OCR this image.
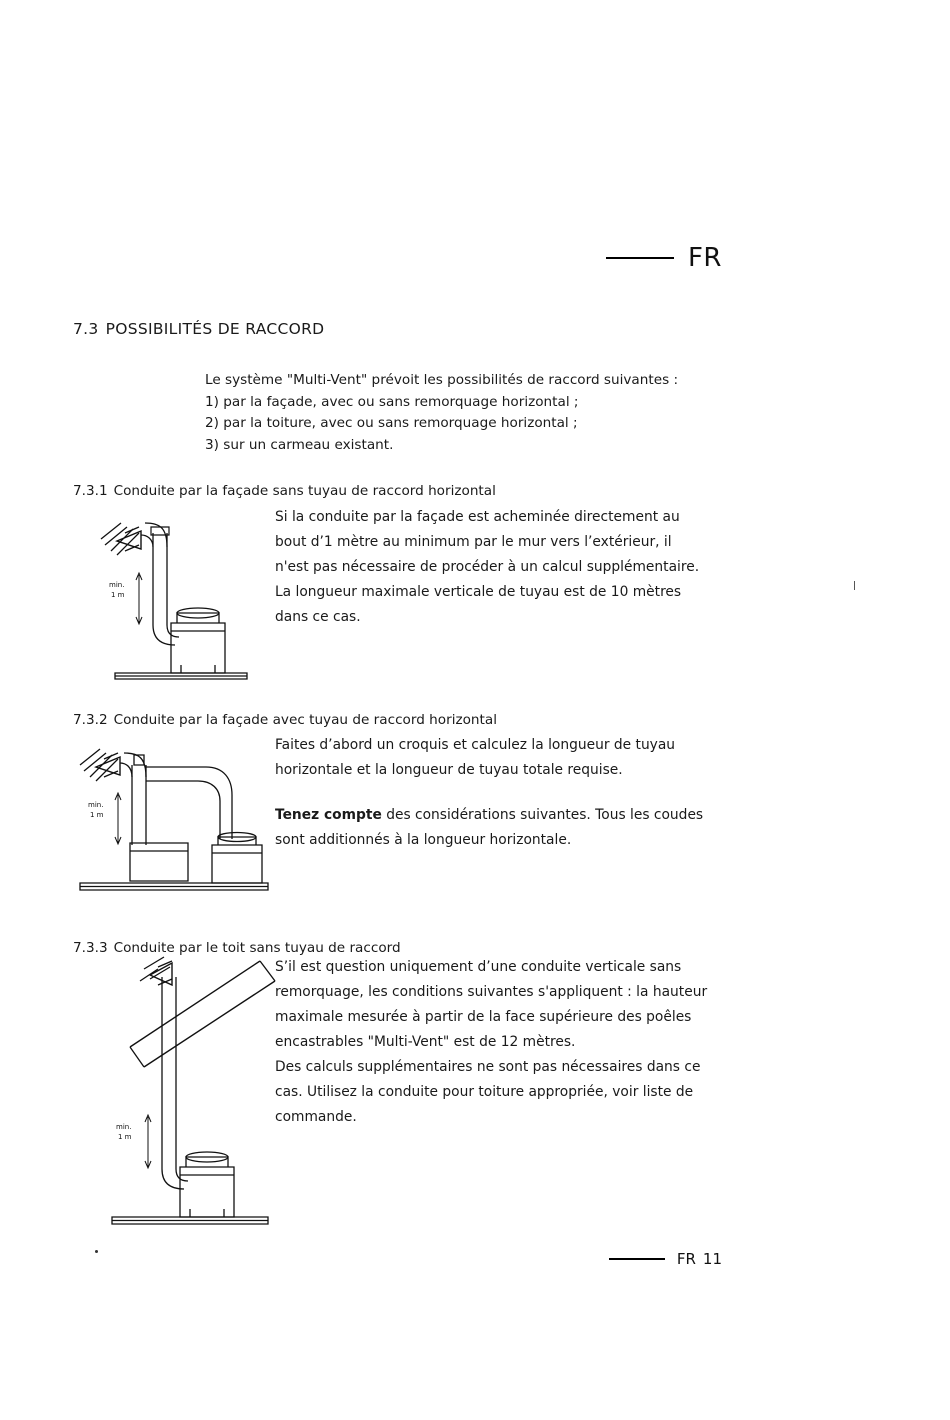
FR
7.3 POSSIBILITÉS DE RACCORD
Le système "Multi-Vent" prévoit les possibilités de raccord suivantes :
1) par la façade, avec ou sans remorquage horizontal ;
2) par la toiture, avec ou sans remorquage horizontal ;
3) sur un carmeau existant.
7.3.1 Conduite par la façade sans tuyau de raccord horizontal
min.
1 m

Si la conduite par la façade est acheminée directement au bout d’1 mètre au minimum par le mur vers l’extérieur, il n'est pas nécessaire de procéder à un calcul supplémentaire. La longueur maximale verticale de tuyau est de 10 mètres dans ce cas.

7.3.2 Conduite par la façade avec tuyau de raccord horizontal
min.
1 m

Faites d’abord un croquis et calculez la longueur de tuyau horizontale et la longueur de tuyau totale requise.

Tenez compte des considérations suivantes. Tous les coudes sont additionnés à la longueur horizontale.

7.3.3 Conduite par le toit sans tuyau de raccord
min.
1 m

S’il est question uniquement d’une conduite verticale sans remorquage, les conditions suivantes s'appliquent : la hauteur maximale mesurée à partir de la face supérieure des poêles encastrables "Multi-Vent" est de 12 mètres.

Des calculs supplémentaires ne sont pas nécessaires dans ce cas. Utilisez la conduite pour toiture appropriée, voir liste de commande.

FR 11
